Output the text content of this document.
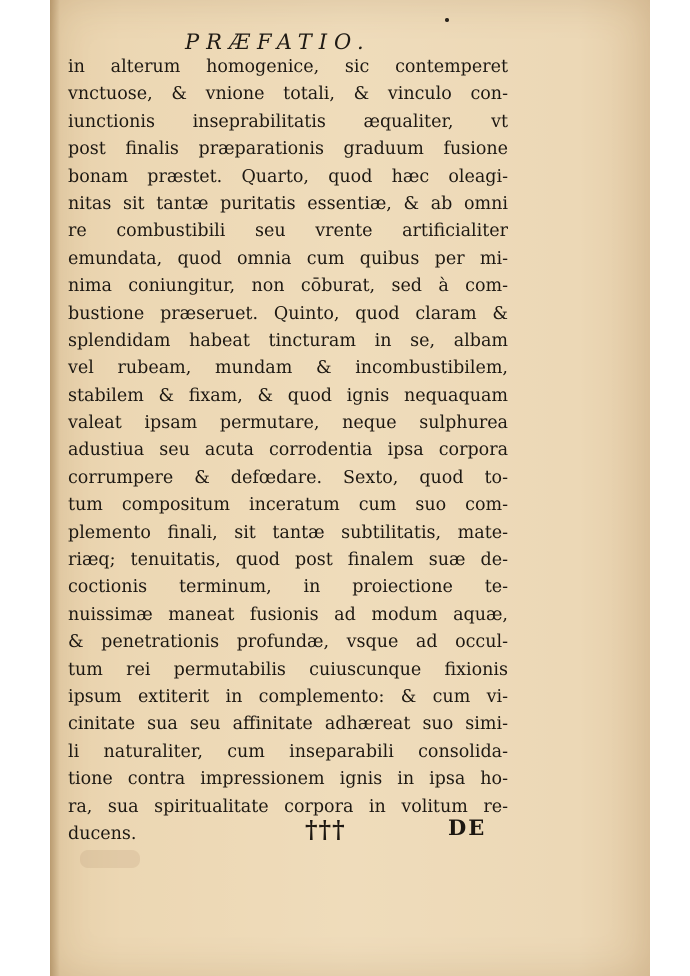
PRÆFATIO.
in alterum homogenice, sic contemperet
vnctuose, & vnione totali, & vinculo con-
iunctionis inseprabilitatis æqualiter, vt
post finalis præparationis graduum fusione
bonam præstet. Quarto, quod hæc oleagi-
nitas sit tantæ puritatis essentiæ, & ab omni
re combustibili seu vrente artificialiter
emundata, quod omnia cum quibus per mi-
nima coniungitur, non cōburat, sed à com-
bustione præseruet. Quinto, quod claram &
splendidam habeat tincturam in se, albam
vel rubeam, mundam & incombustibilem,
stabilem & fixam, & quod ignis nequaquam
valeat ipsam permutare, neque sulphurea
adustiua seu acuta corrodentia ipsa corpora
corrumpere & defœdare. Sexto, quod to-
tum compositum inceratum cum suo com-
plemento finali, sit tantæ subtilitatis, mate-
riæq; tenuitatis, quod post finalem suæ de-
coctionis terminum, in proiectione te-
nuissimæ maneat fusionis ad modum aquæ,
& penetrationis profundæ, vsque ad occul-
tum rei permutabilis cuiuscunque fixionis
ipsum extiterit in complemento: & cum vi-
cinitate sua seu affinitate adhæreat suo simi-
li naturaliter, cum inseparabili consolida-
tione contra impressionem ignis in ipsa ho-
ra, sua spiritualitate corpora in volitum re-
ducens.	†††	DE
